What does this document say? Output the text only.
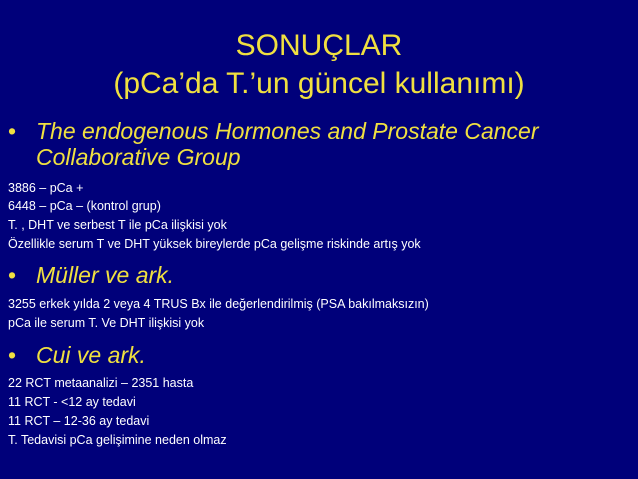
SONUÇLAR
(pCa’da T.’un güncel kullanımı)
• The endogenous Hormones and Prostate Cancer
Collaborative Group
3886 – pCa +
6448 – pCa – (kontrol grup)
T. , DHT ve serbest T ile pCa ilişkisi yok
Özellikle serum T ve DHT yüksek bireylerde pCa gelişme riskinde artış yok
• Müller ve ark.
3255 erkek yılda 2 veya 4 TRUS Bx ile değerlendirilmiş (PSA bakılmaksızın)
pCa ile serum T. Ve DHT ilişkisi yok
• Cui ve ark.
22 RCT metaanalizi – 2351 hasta
11 RCT - <12 ay tedavi
11 RCT – 12-36 ay tedavi
T. Tedavisi pCa gelişimine neden olmaz
